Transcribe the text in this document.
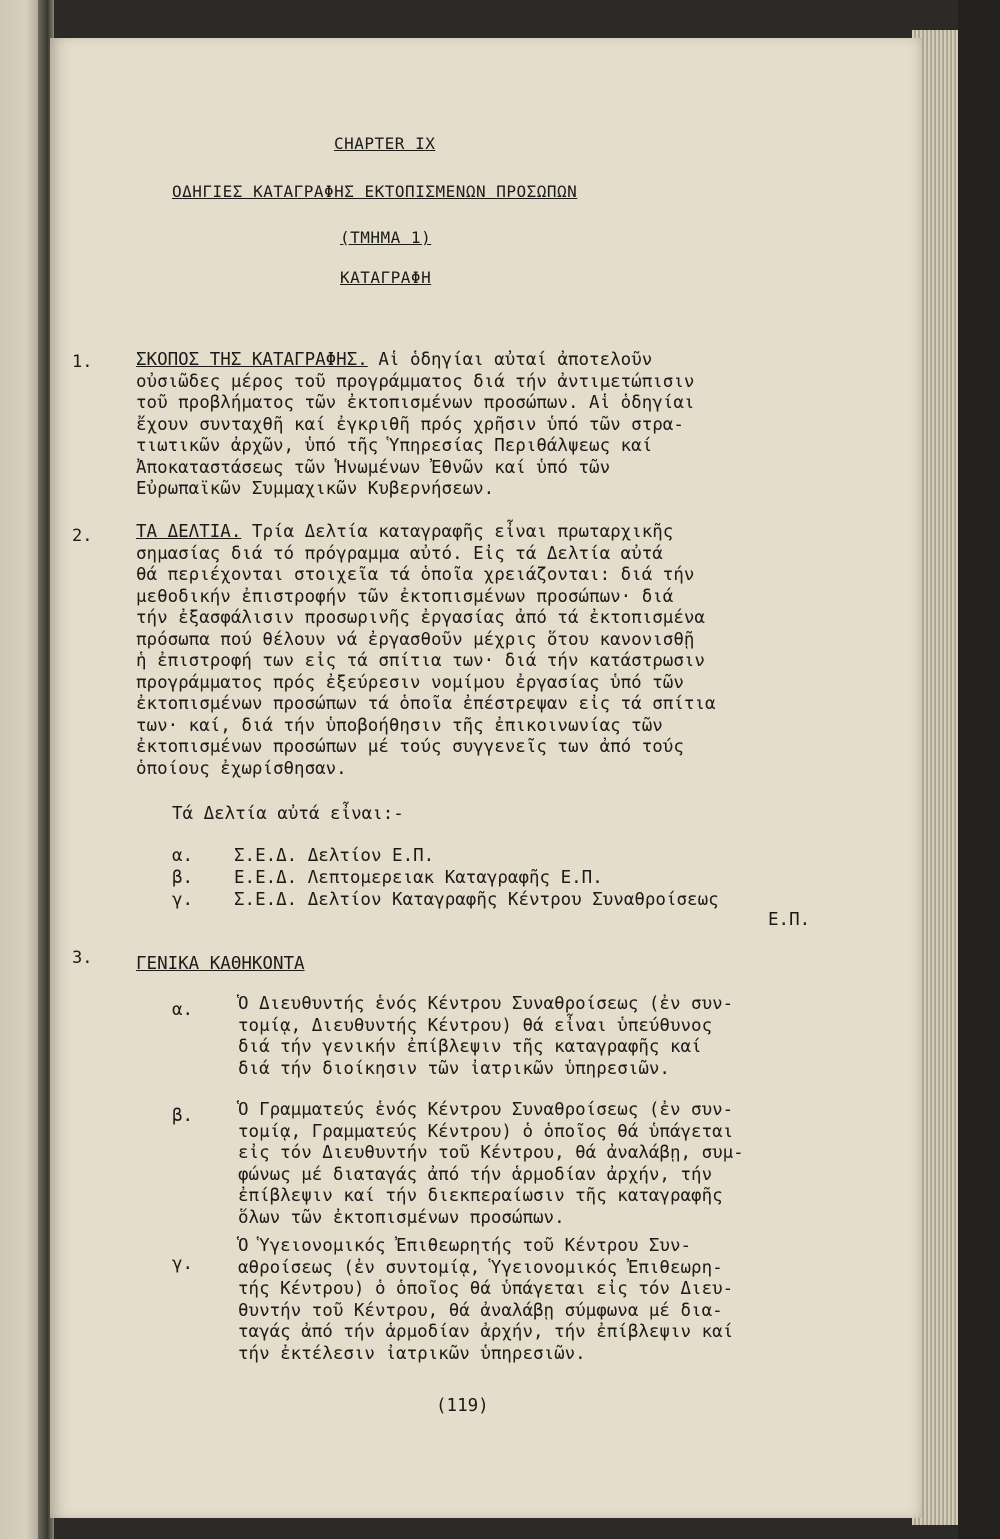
CHAPTER IX
ΟΔΗΓΙΕΣ ΚΑΤΑΓΡΑΦΗΣ ΕΚΤΟΠΙΣΜΕΝΩΝ ΠΡΟΣΩΠΩΝ
(ΤΜΗΜΑ 1)
ΚΑΤΑΓΡΑΦΗ
1. ΣΚΟΠΟΣ ΤΗΣ ΚΑΤΑΓΡΑΦΗΣ. Αἱ ὁδηγίαι αὐταί ἀποτελοῦν
οὐσιῶδες μέρος τοῦ προγράμματος διά τήν ἀντιμετώπισιν
τοῦ προβλήματος τῶν ἐκτοπισμένων προσώπων. Αἱ ὁδηγίαι
ἔχουν συνταχθῆ καί ἐγκριθῆ πρός χρῆσιν ὑπό τῶν στρα-
τιωτικῶν ἀρχῶν, ὑπό τῆς Ὑπηρεσίας Περιθάλψεως καί
Ἀποκαταστάσεως τῶν Ἡνωμένων Ἐθνῶν καί ὑπό τῶν
Εὐρωπαϊκῶν Συμμαχικῶν Κυβερνήσεων.
2. ΤΑ ΔΕΛΤΙΑ. Τρία Δελτία καταγραφῆς εἶναι πρωταρχικῆς
σημασίας διά τό πρόγραμμα αὐτό. Εἰς τά Δελτία αὐτά
θά περιέχονται στοιχεῖα τά ὁποῖα χρειάζονται: διά τήν
μεθοδικήν ἐπιστροφήν τῶν ἐκτοπισμένων προσώπων· διά
τήν ἐξασφάλισιν προσωρινῆς ἐργασίας ἀπό τά ἐκτοπισμένα
πρόσωπα πού θέλουν νά ἐργασθοῦν μέχρις ὅτου κανονισθῇ
ἡ ἐπιστροφή των εἰς τά σπίτια των· διά τήν κατάστρωσιν
προγράμματος πρός ἐξεύρεσιν νομίμου ἐργασίας ὑπό τῶν
ἐκτοπισμένων προσώπων τά ὁποῖα ἐπέστρεψαν εἰς τά σπίτια
των· καί, διά τήν ὑποβοήθησιν τῆς ἐπικοινωνίας τῶν
ἐκτοπισμένων προσώπων μέ τούς συγγενεῖς των ἀπό τούς
ὁποίους ἐχωρίσθησαν.
Τά Δελτία αὐτά εἶναι:-
α. Σ.Ε.Δ. Δελτίον Ε.Π.
β. Ε.Ε.Δ. Λεπτομερειακ Καταγραφῆς Ε.Π.
γ. Σ.Ε.Δ. Δελτίον Καταγραφῆς Κέντρου Συναθροίσεως
Ε.Π.
3. ΓΕΝΙΚΑ ΚΑΘΗΚΟΝΤΑ
α.	Ὁ Διευθυντής ἑνός Κέντρου Συναθροίσεως (ἐν συν-
τομίᾳ, Διευθυντής Κέντρου) θά εἶναι ὑπεύθυνος
διά τήν γενικήν ἐπίβλεψιν τῆς καταγραφῆς καί
διά τήν διοίκησιν τῶν ἰατρικῶν ὑπηρεσιῶν.
β.	Ὁ Γραμματεύς ἑνός Κέντρου Συναθροίσεως (ἐν συν-
τομίᾳ, Γραμματεύς Κέντρου) ὁ ὁποῖος θά ὑπάγεται
εἰς τόν Διευθυντήν τοῦ Κέντρου, θά ἀναλάβῃ, συμ-
φώνως μέ διαταγάς ἀπό τήν ἁρμοδίαν ἀρχήν, τήν
ἐπίβλεψιν καί τήν διεκπεραίωσιν τῆς καταγραφῆς
ὅλων τῶν ἐκτοπισμένων προσώπων.
γ.
Ὁ Ὑγειονομικός Ἐπιθεωρητής τοῦ Κέντρου Συν-
αθροίσεως (ἐν συντομίᾳ, Ὑγειονομικός Ἐπιθεωρη-
τής Κέντρου) ὁ ὁποῖος θά ὑπάγεται εἰς τόν Διευ-
θυντήν τοῦ Κέντρου, θά ἀναλάβῃ σύμφωνα μέ δια-
ταγάς ἀπό τήν ἁρμοδίαν ἀρχήν, τήν ἐπίβλεψιν καί
τήν ἐκτέλεσιν ἰατρικῶν ὑπηρεσιῶν.
(119)
